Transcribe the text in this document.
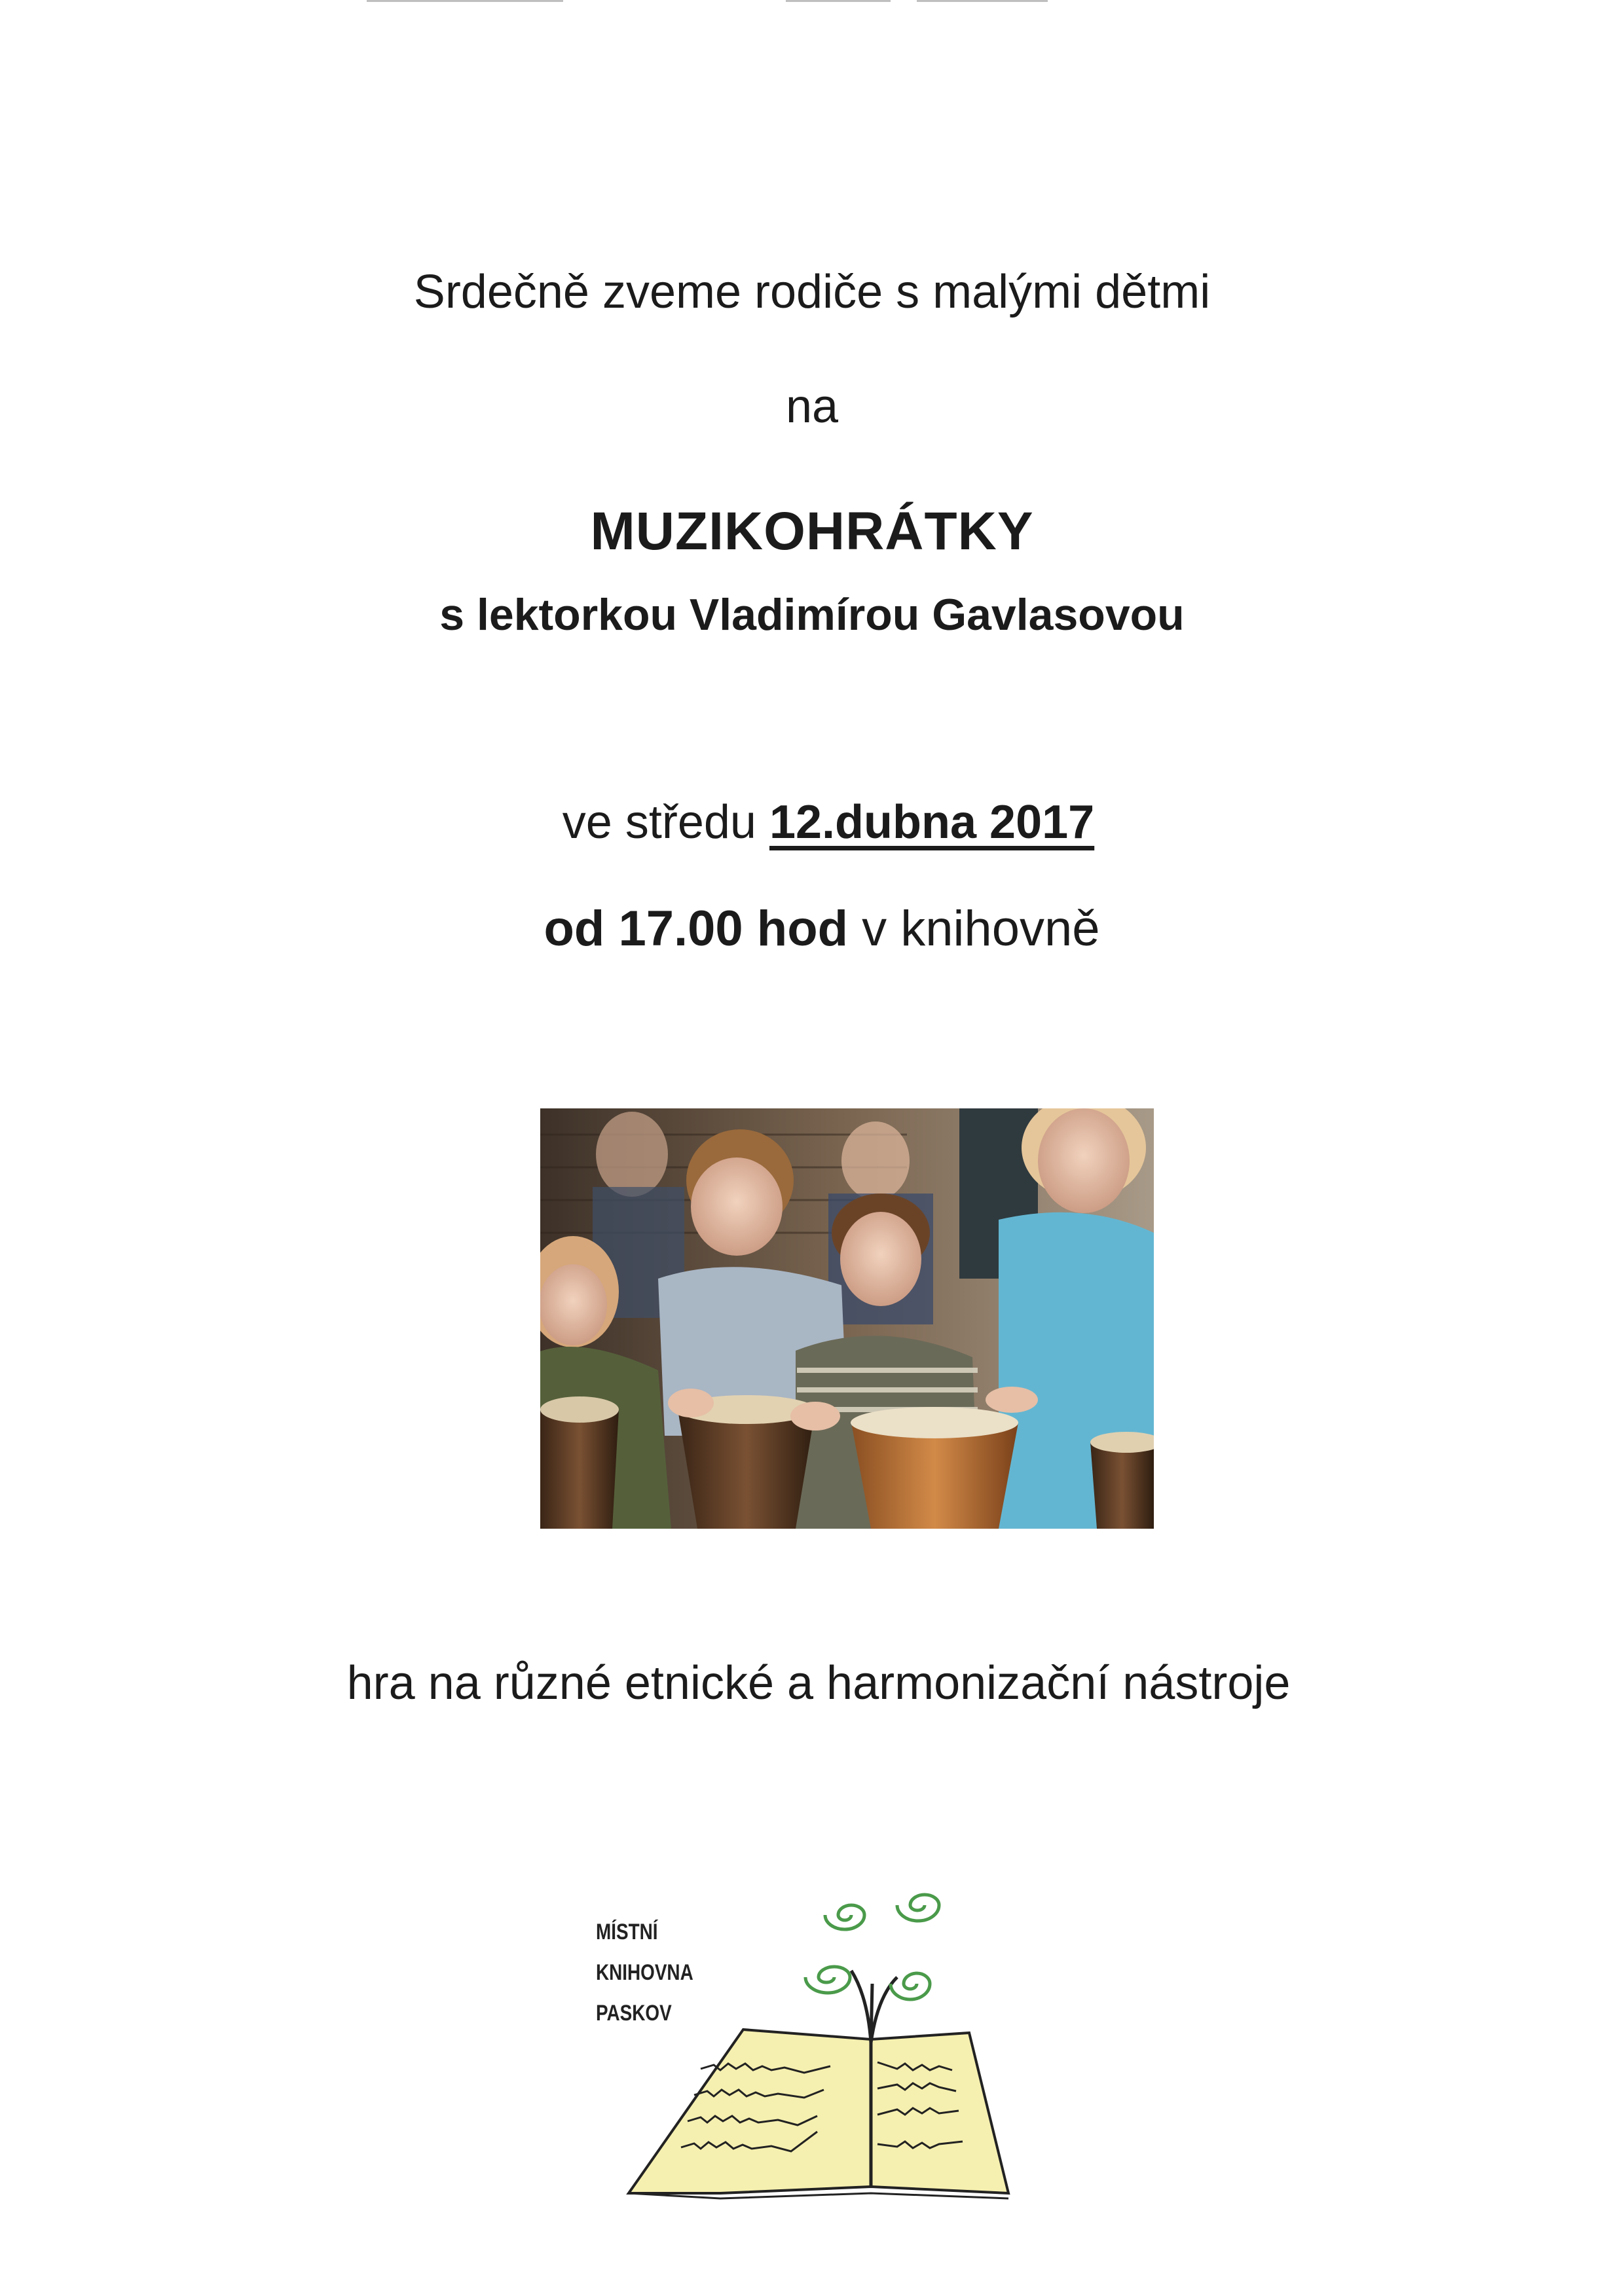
Srdečně zveme rodiče s malými dětmi
na
MUZIKOHRÁTKY
s lektorkou Vladimírou Gavlasovou
ve středu 12.dubna 2017
od 17.00 hod v knihovně
hra na různé etnické a harmonizační nástroje
MÍSTNÍ
KNIHOVNA
PASKOV
